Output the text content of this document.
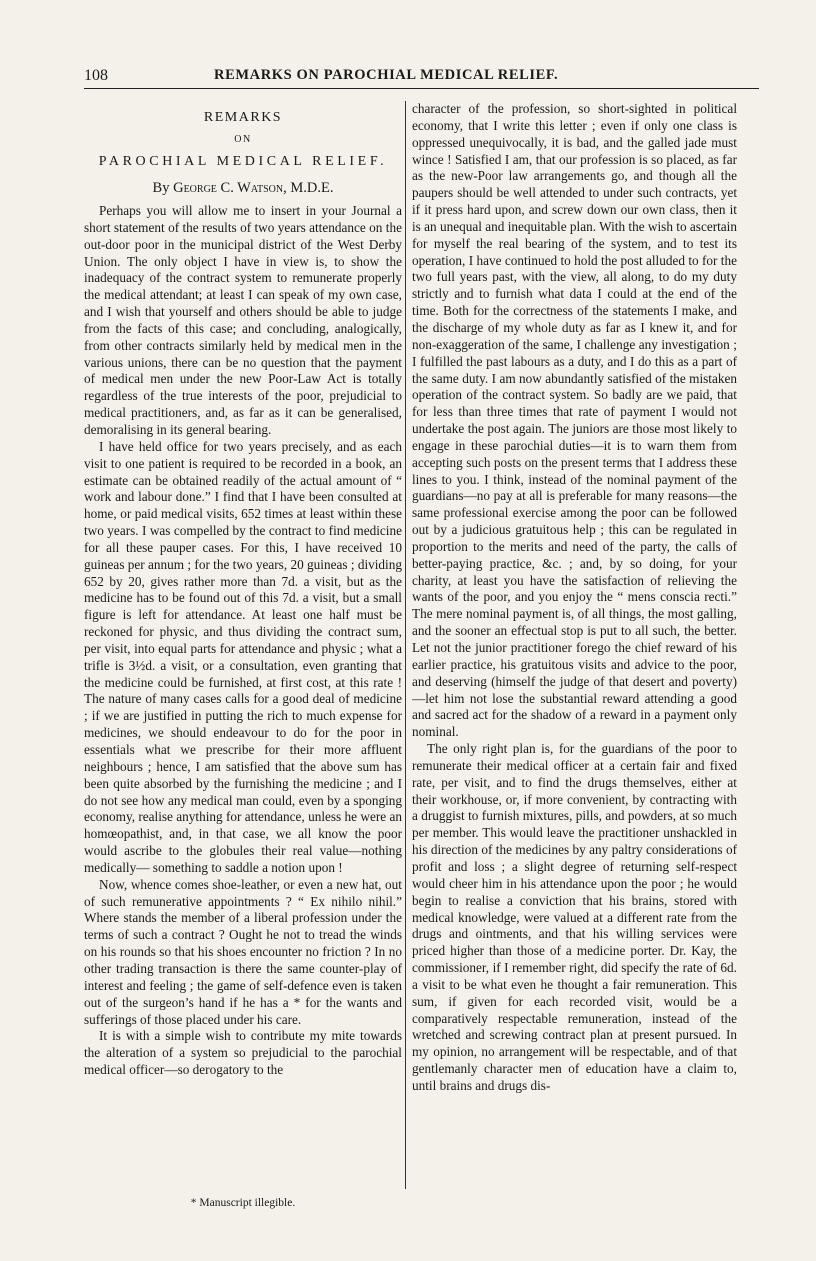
108	REMARKS ON PAROCHIAL MEDICAL RELIEF.
REMARKS
ON
PAROCHIAL MEDICAL RELIEF.
By George C. Watson, M.D.E.

Perhaps you will allow me to insert in your Journal a short statement of the results of two years attendance on the out-door poor in the municipal district of the West Derby Union. The only object I have in view is, to show the inadequacy of the contract system to remunerate properly the medical attendant; at least I can speak of my own case, and I wish that yourself and others should be able to judge from the facts of this case; and concluding, analogically, from other contracts similarly held by medical men in the various unions, there can be no question that the payment of medical men under the new Poor-Law Act is totally regardless of the true interests of the poor, prejudicial to medical practitioners, and, as far as it can be generalised, demoralising in its general bearing.

I have held office for two years precisely, and as each visit to one patient is required to be recorded in a book, an estimate can be obtained readily of the actual amount of “ work and labour done.” I find that I have been consulted at home, or paid medical visits, 652 times at least within these two years. I was compelled by the contract to find medicine for all these pauper cases. For this, I have received 10 guineas per annum ; for the two years, 20 guineas ; dividing 652 by 20, gives rather more than 7d. a visit, but as the medicine has to be found out of this 7d. a visit, but a small figure is left for attendance. At least one half must be reckoned for physic, and thus dividing the contract sum, per visit, into equal parts for attendance and physic ; what a trifle is 3½d. a visit, or a consultation, even granting that the medicine could be furnished, at first cost, at this rate ! The nature of many cases calls for a good deal of medicine ; if we are justified in putting the rich to much expense for medicines, we should endeavour to do for the poor in essentials what we prescribe for their more affluent neighbours ; hence, I am satisfied that the above sum has been quite absorbed by the furnishing the medicine ; and I do not see how any medical man could, even by a sponging economy, realise anything for attendance, unless he were an homœopathist, and, in that case, we all know the poor would ascribe to the globules their real value—nothing medically— something to saddle a notion upon !

Now, whence comes shoe-leather, or even a new hat, out of such remunerative appointments ? “ Ex nihilo nihil.” Where stands the member of a liberal profession under the terms of such a contract ? Ought he not to tread the winds on his rounds so that his shoes encounter no friction ? In no other trading transaction is there the same counter-play of interest and feeling ; the game of self-defence even is taken out of the surgeon’s hand if he has a * for the wants and sufferings of those placed under his care.

It is with a simple wish to contribute my mite towards the alteration of a system so prejudicial to the parochial medical officer—so derogatory to the

character of the profession, so short-sighted in political economy, that I write this letter ; even if only one class is oppressed unequivocally, it is bad, and the galled jade must wince ! Satisfied I am, that our profession is so placed, as far as the new-Poor law arrangements go, and though all the paupers should be well attended to under such contracts, yet if it press hard upon, and screw down our own class, then it is an unequal and inequitable plan. With the wish to ascertain for myself the real bearing of the system, and to test its operation, I have continued to hold the post alluded to for the two full years past, with the view, all along, to do my duty strictly and to furnish what data I could at the end of the time. Both for the correctness of the statements I make, and the discharge of my whole duty as far as I knew it, and for non-exaggeration of the same, I challenge any investigation ; I fulfilled the past labours as a duty, and I do this as a part of the same duty. I am now abundantly satisfied of the mistaken operation of the contract system. So badly are we paid, that for less than three times that rate of payment I would not undertake the post again. The juniors are those most likely to engage in these parochial duties—it is to warn them from accepting such posts on the present terms that I address these lines to you. I think, instead of the nominal payment of the guardians—no pay at all is preferable for many reasons—the same professional exercise among the poor can be followed out by a judicious gratuitous help ; this can be regulated in proportion to the merits and need of the party, the calls of better-paying practice, &c. ; and, by so doing, for your charity, at least you have the satisfaction of relieving the wants of the poor, and you enjoy the “ mens conscia recti.” The mere nominal payment is, of all things, the most galling, and the sooner an effectual stop is put to all such, the better. Let not the junior practitioner forego the chief reward of his earlier practice, his gratuitous visits and advice to the poor, and deserving (himself the judge of that desert and poverty)—let him not lose the substantial reward attending a good and sacred act for the shadow of a reward in a payment only nominal.

The only right plan is, for the guardians of the poor to remunerate their medical officer at a certain fair and fixed rate, per visit, and to find the drugs themselves, either at their workhouse, or, if more convenient, by contracting with a druggist to furnish mixtures, pills, and powders, at so much per member. This would leave the practitioner unshackled in his direction of the medicines by any paltry considerations of profit and loss ; a slight degree of returning self-respect would cheer him in his attendance upon the poor ; he would begin to realise a conviction that his brains, stored with medical knowledge, were valued at a different rate from the drugs and ointments, and that his willing services were priced higher than those of a medicine porter. Dr. Kay, the commissioner, if I remember right, did specify the rate of 6d. a visit to be what even he thought a fair remuneration. This sum, if given for each recorded visit, would be a comparatively respectable remuneration, instead of the wretched and screwing contract plan at present pursued. In my opinion, no arrangement will be respectable, and of that gentlemanly character men of education have a claim to, until brains and drugs dis-

* Manuscript illegible.
